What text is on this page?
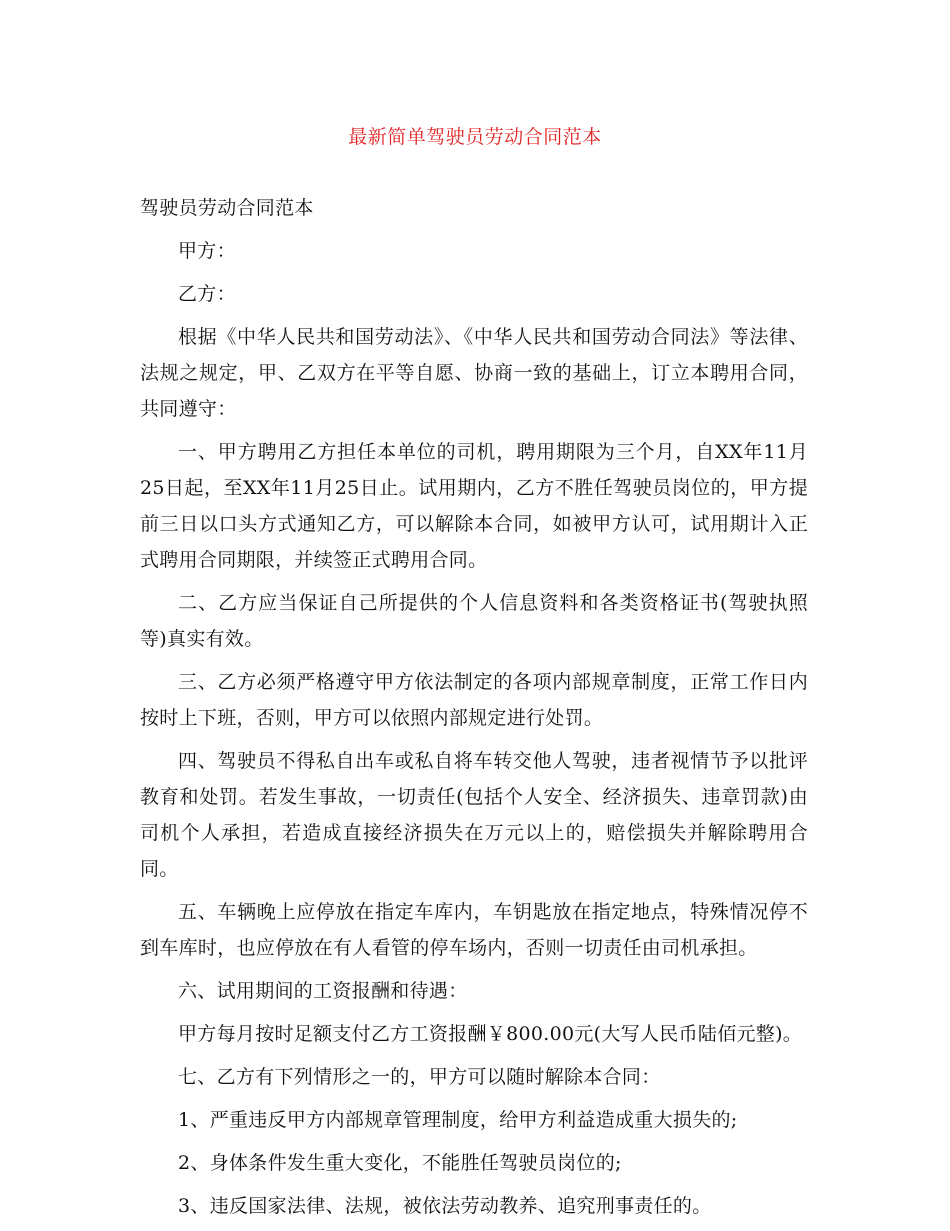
最新简单驾驶员劳动合同范本

驾驶员劳动合同范本

甲方：

乙方：

根据《中华人民共和国劳动法》、《中华人民共和国劳动合同法》等法律、法规之规定，甲、乙双方在平等自愿、协商一致的基础上，订立本聘用合同，共同遵守：

一、甲方聘用乙方担任本单位的司机，聘用期限为三个月，自XX年11月25日起，至XX年11月25日止。试用期内，乙方不胜任驾驶员岗位的，甲方提前三日以口头方式通知乙方，可以解除本合同，如被甲方认可，试用期计入正式聘用合同期限，并续签正式聘用合同。

二、乙方应当保证自己所提供的个人信息资料和各类资格证书(驾驶执照等)真实有效。

三、乙方必须严格遵守甲方依法制定的各项内部规章制度，正常工作日内按时上下班，否则，甲方可以依照内部规定进行处罚。

四、驾驶员不得私自出车或私自将车转交他人驾驶，违者视情节予以批评教育和处罚。若发生事故，一切责任(包括个人安全、经济损失、违章罚款)由司机个人承担，若造成直接经济损失在万元以上的，赔偿损失并解除聘用合同。

五、车辆晚上应停放在指定车库内，车钥匙放在指定地点，特殊情况停不到车库时，也应停放在有人看管的停车场内，否则一切责任由司机承担。

六、试用期间的工资报酬和待遇：

甲方每月按时足额支付乙方工资报酬￥800.00元(大写人民币陆佰元整)。

七、乙方有下列情形之一的，甲方可以随时解除本合同：

1、严重违反甲方内部规章管理制度，给甲方利益造成重大损失的;

2、身体条件发生重大变化，不能胜任驾驶员岗位的;

3、违反国家法律、法规，被依法劳动教养、追究刑事责任的。
